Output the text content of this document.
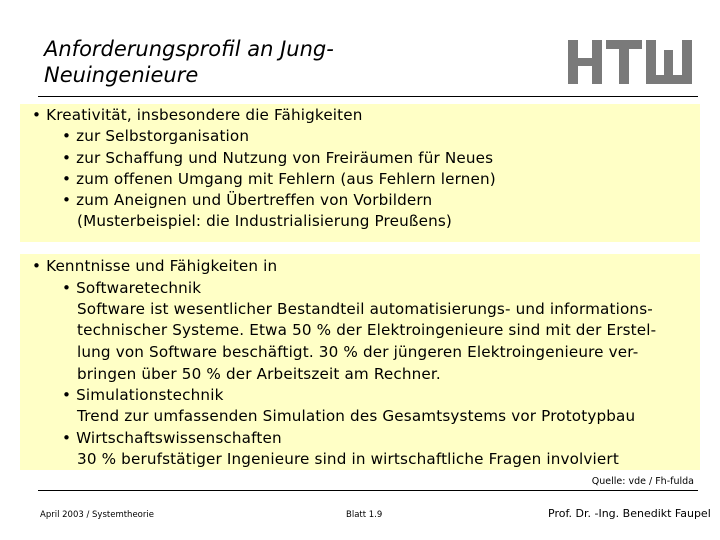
Anforderungsprofil an Jung-
Neuingenieure
• Kreativität, insbesondere die Fähigkeiten
• zur Selbstorganisation
• zur Schaffung und Nutzung von Freiräumen für Neues
• zum offenen Umgang mit Fehlern (aus Fehlern lernen)
• zum Aneignen und Übertreffen von Vorbildern
(Musterbeispiel: die Industrialisierung Preußens)
• Kenntnisse und Fähigkeiten in
• Softwaretechnik
Software ist wesentlicher Bestandteil automatisierungs- und informations-
technischer Systeme. Etwa 50 % der Elektroingenieure sind mit der Erstel-
lung von Software beschäftigt. 30 % der jüngeren Elektroingenieure ver-
bringen über 50 % der Arbeitszeit am Rechner.
• Simulationstechnik
Trend zur umfassenden Simulation des Gesamtsystems vor Prototypbau
• Wirtschaftswissenschaften
30 % berufstätiger Ingenieure sind in wirtschaftliche Fragen involviert
Quelle: vde / Fh-fulda
April 2003 / Systemtheorie	Blatt 1.9	Prof. Dr. -Ing. Benedikt Faupel
